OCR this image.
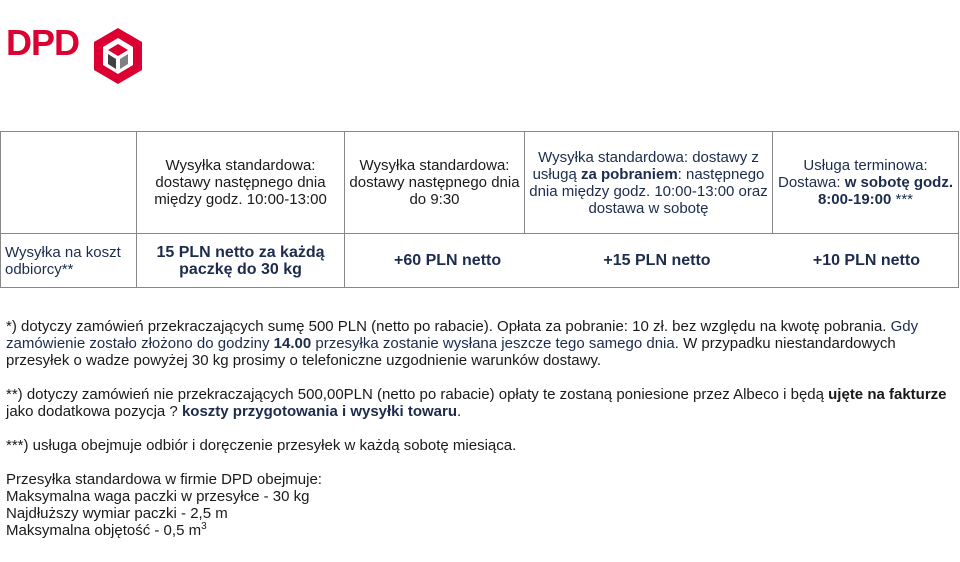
DPD
	Wysyłka standardowa: dostawy następnego dnia między godz. 10:00-13:00	Wysyłka standardowa: dostawy następnego dnia do 9:30	Wysyłka standardowa: dostawy z usługą za pobraniem: następnego dnia między godz. 10:00-13:00 oraz dostawa w sobotę	Usługa terminowa: Dostawa: w sobotę godz. 8:00-19:00 ***
Wysyłka na koszt odbiorcy**	15 PLN netto za każdą paczkę do 30 kg	+60 PLN netto +15 PLN netto +10 PLN netto		

*) dotyczy zamówień przekraczających sumę 500 PLN (netto po rabacie). Opłata za pobranie: 10 zł. bez względu na kwotę pobrania. Gdy zamówienie zostało złożono do godziny 14.00 przesyłka zostanie wysłana jeszcze tego samego dnia. W przypadku niestandardowych przesyłek o wadze powyżej 30 kg prosimy o telefoniczne uzgodnienie warunków dostawy.

**) dotyczy zamówień nie przekraczających 500,00PLN (netto po rabacie) opłaty te zostaną poniesione przez Albeco i będą ujęte na fakturze jako dodatkowa pozycja ? koszty przygotowania i wysyłki towaru.

***) usługa obejmuje odbiór i doręczenie przesyłek w każdą sobotę miesiąca.

Przesyłka standardowa w firmie DPD obejmuje:

Maksymalna waga paczki w przesyłce - 30 kg

Najdłuższy wymiar paczki - 2,5 m

Maksymalna objętość - 0,5 $m^3$
